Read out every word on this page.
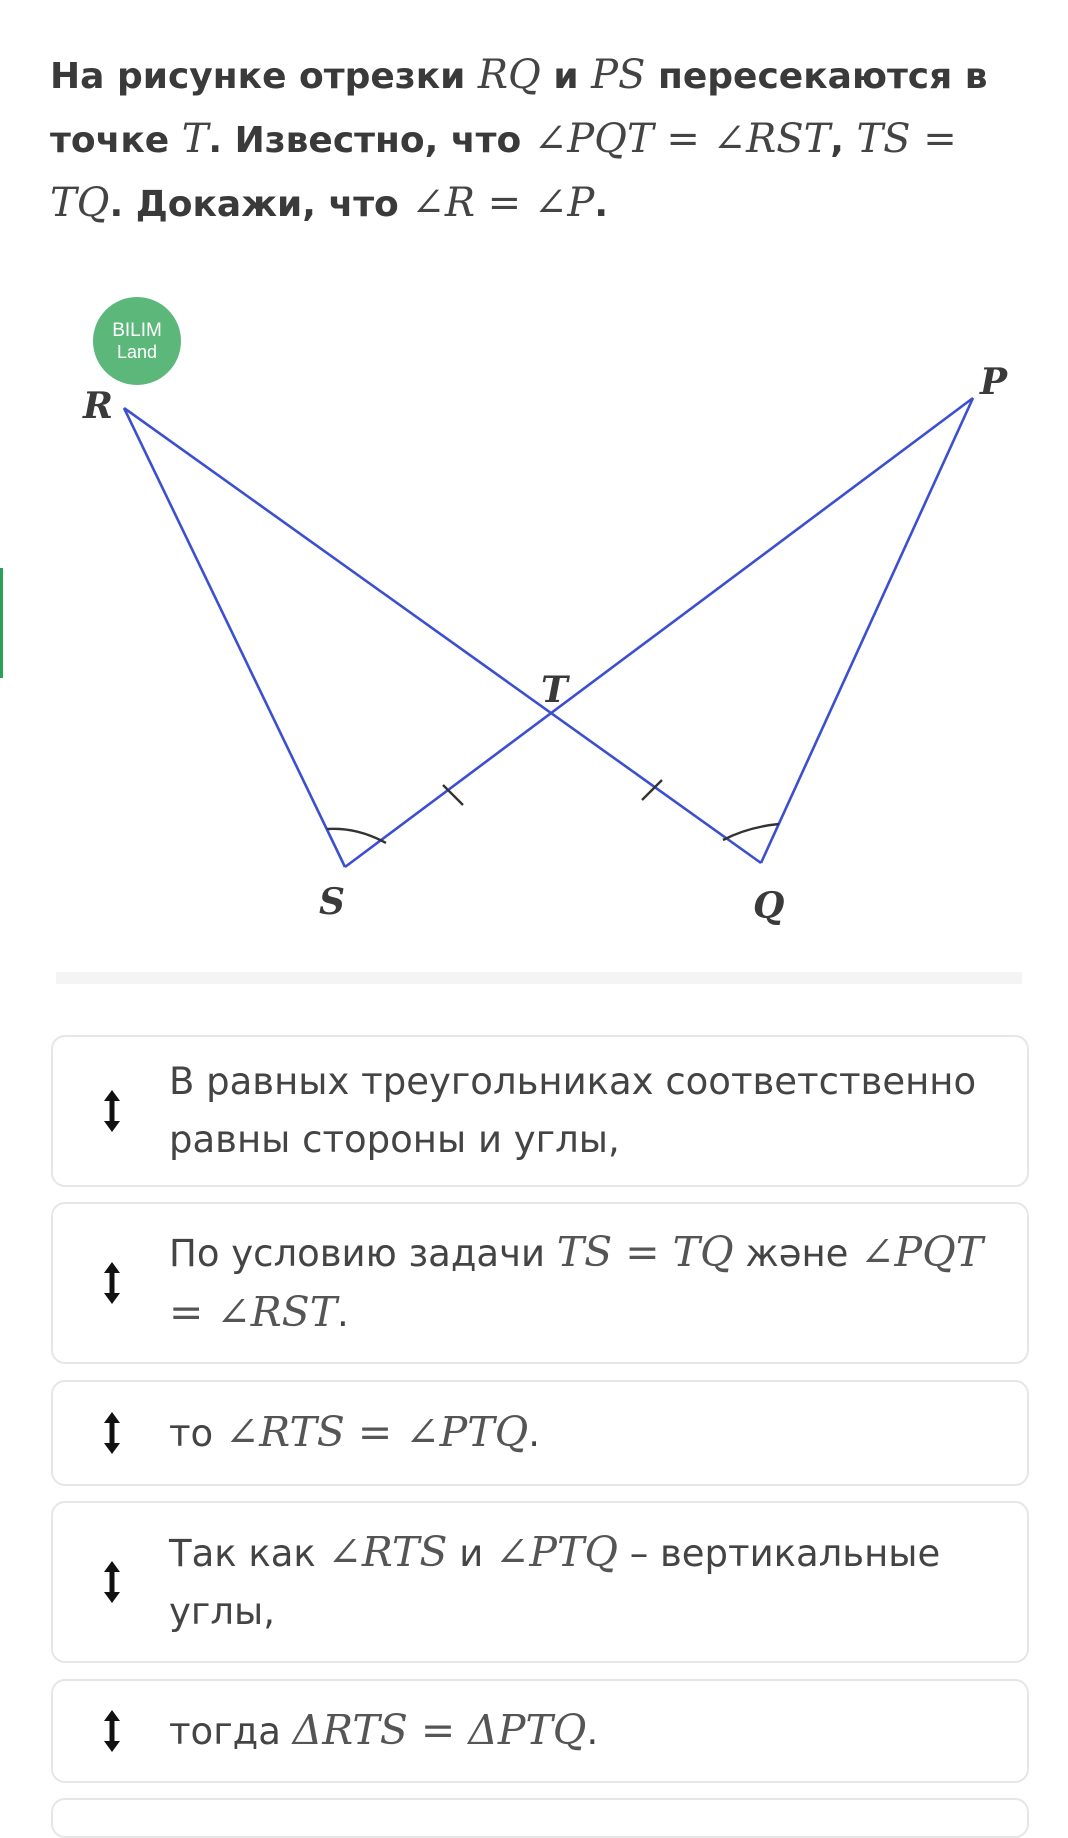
На рисунке отрезки RQ и PS пересекаются в точке T. Известно, что ∠PQT = ∠RST, TS = TQ. Докажи, что ∠R = ∠P.

BILIM
Land
R
P
T
S	Q
В равных треугольниках соответственно равны стороны и углы,
По условию задачи TS = TQ және ∠PQT = ∠RST.
то ∠RTS = ∠PTQ.
Так как ∠RTS и ∠PTQ – вертикальные углы,
тогда ΔRTS = ΔPTQ.
